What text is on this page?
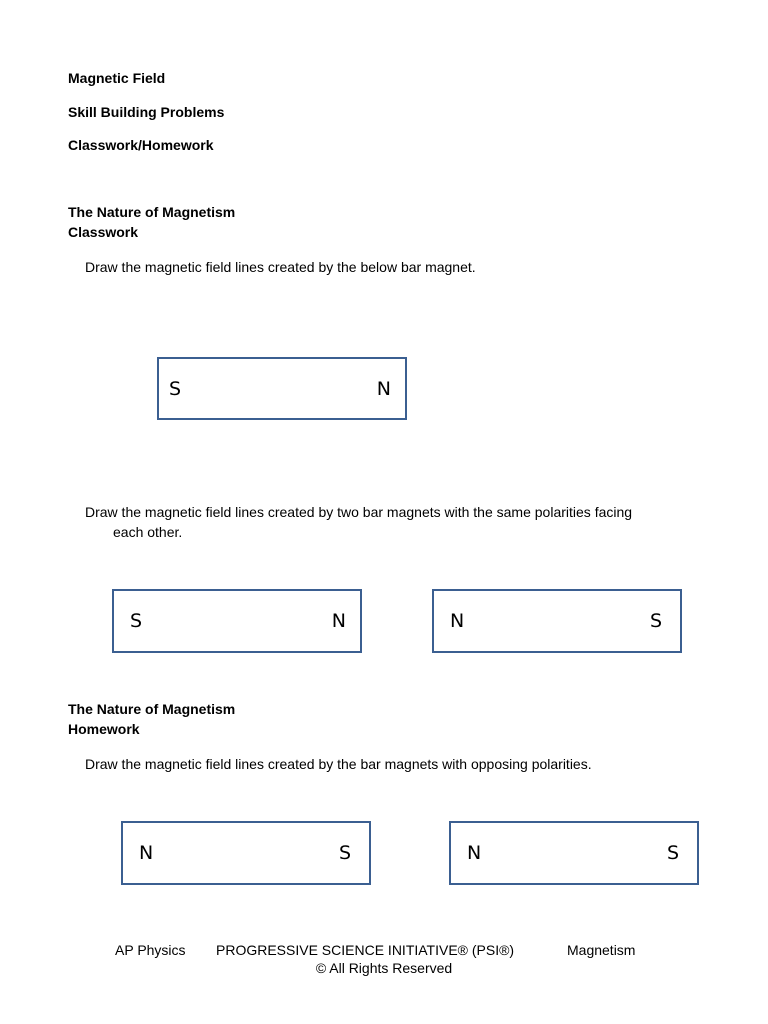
Magnetic Field
Skill Building Problems
Classwork/Homework
The Nature of Magnetism
Classwork
Draw the magnetic field lines created by the below bar magnet.
S	N
Draw the magnetic field lines created by two bar magnets with the same polarities facing
each other.
S	N	N	S
The Nature of Magnetism
Homework
Draw the magnetic field lines created by the bar magnets with opposing polarities.
N	S	N	S
AP Physics PROGRESSIVE SCIENCE INITIATIVE® (PSI®)	Magnetism
© All Rights Reserved
